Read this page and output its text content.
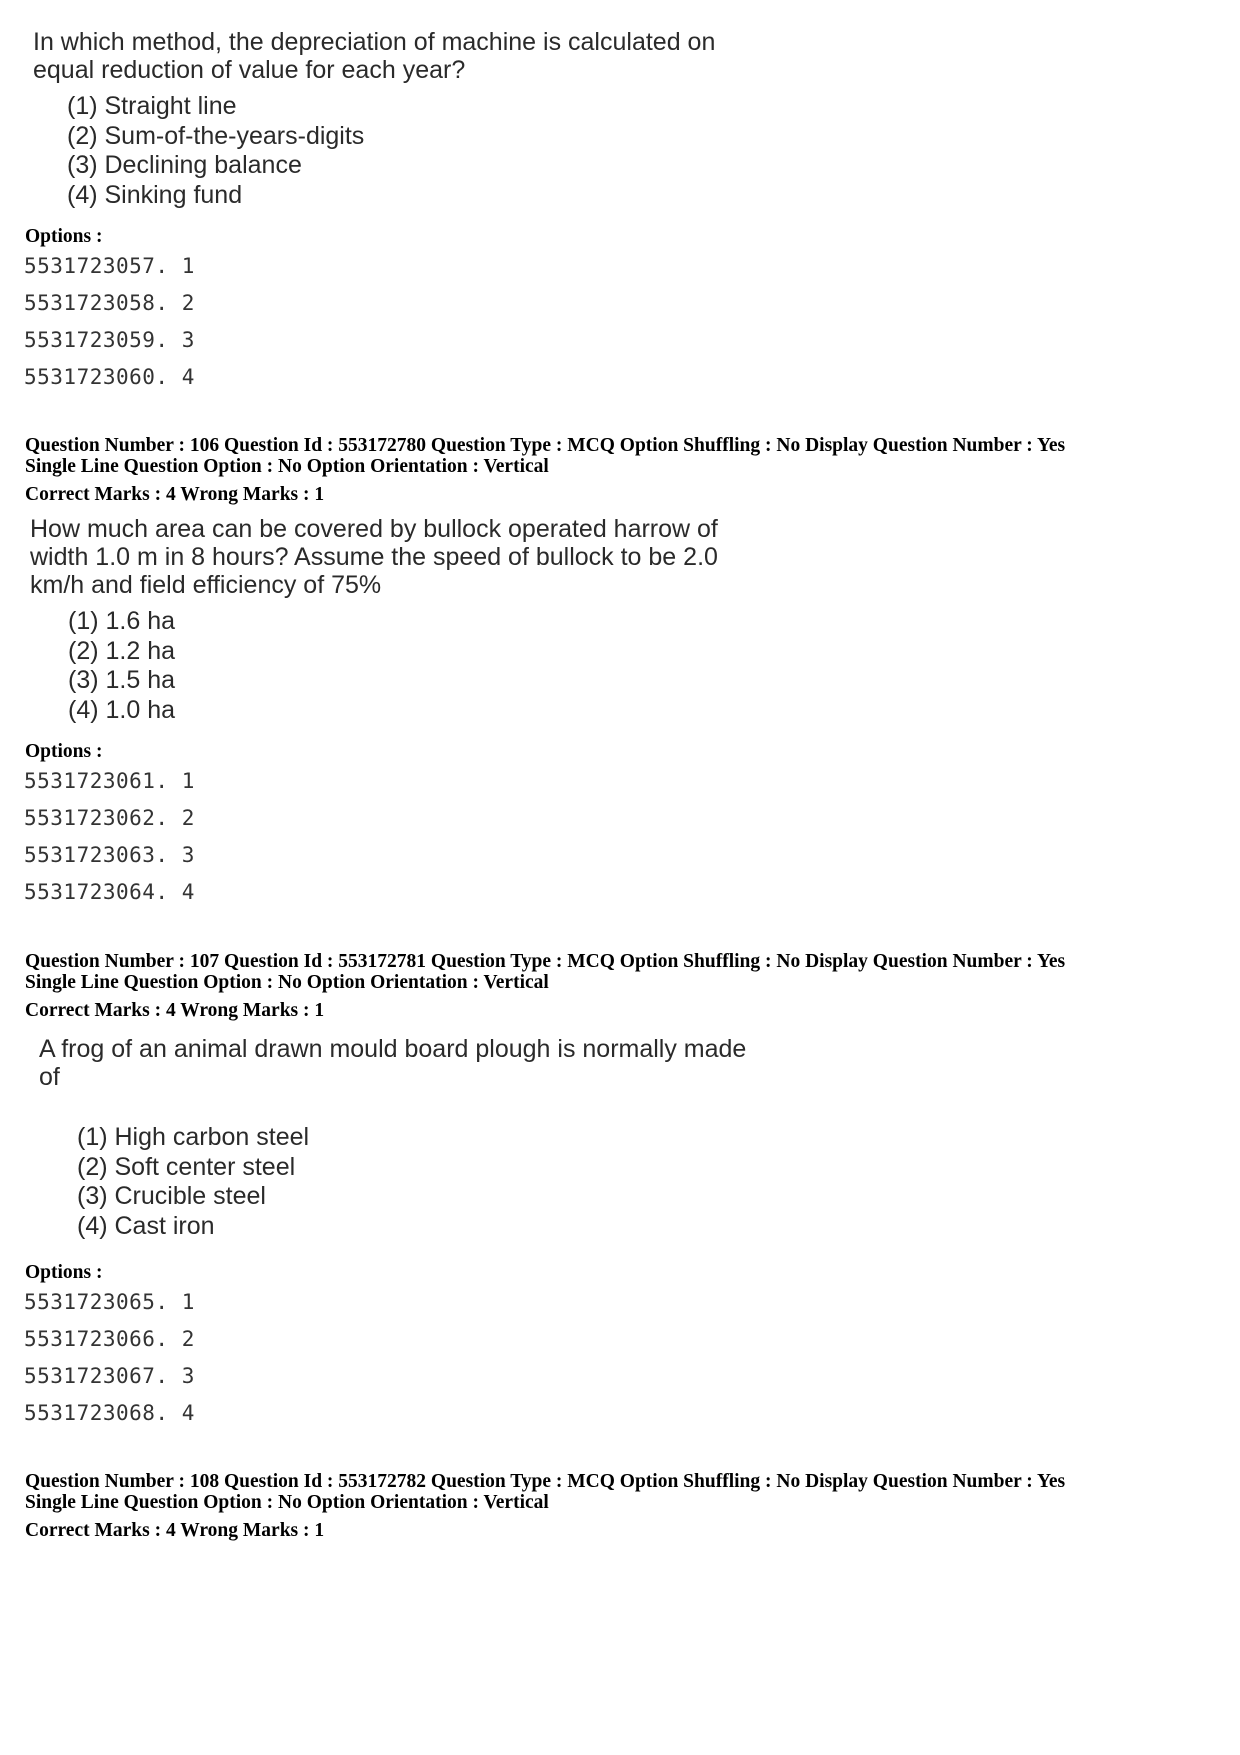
In which method, the depreciation of machine is calculated on
equal reduction of value for each year?
(1) Straight line
(2) Sum-of-the-years-digits
(3) Declining balance
(4) Sinking fund
Options :
5531723057. 1
5531723058. 2
5531723059. 3
5531723060. 4
Question Number : 106 Question Id : 553172780 Question Type : MCQ Option Shuffling : No Display Question Number : Yes
Single Line Question Option : No Option Orientation : Vertical
Correct Marks : 4 Wrong Marks : 1
How much area can be covered by bullock operated harrow of
width 1.0 m in 8 hours? Assume the speed of bullock to be 2.0
km/h and field efficiency of 75%
(1) 1.6 ha
(2) 1.2 ha
(3) 1.5 ha
(4) 1.0 ha
Options :
5531723061. 1
5531723062. 2
5531723063. 3
5531723064. 4
Question Number : 107 Question Id : 553172781 Question Type : MCQ Option Shuffling : No Display Question Number : Yes
Single Line Question Option : No Option Orientation : Vertical
Correct Marks : 4 Wrong Marks : 1
A frog of an animal drawn mould board plough is normally made
of
(1) High carbon steel
(2) Soft center steel
(3) Crucible steel
(4) Cast iron
Options :
5531723065. 1
5531723066. 2
5531723067. 3
5531723068. 4
Question Number : 108 Question Id : 553172782 Question Type : MCQ Option Shuffling : No Display Question Number : Yes
Single Line Question Option : No Option Orientation : Vertical
Correct Marks : 4 Wrong Marks : 1
